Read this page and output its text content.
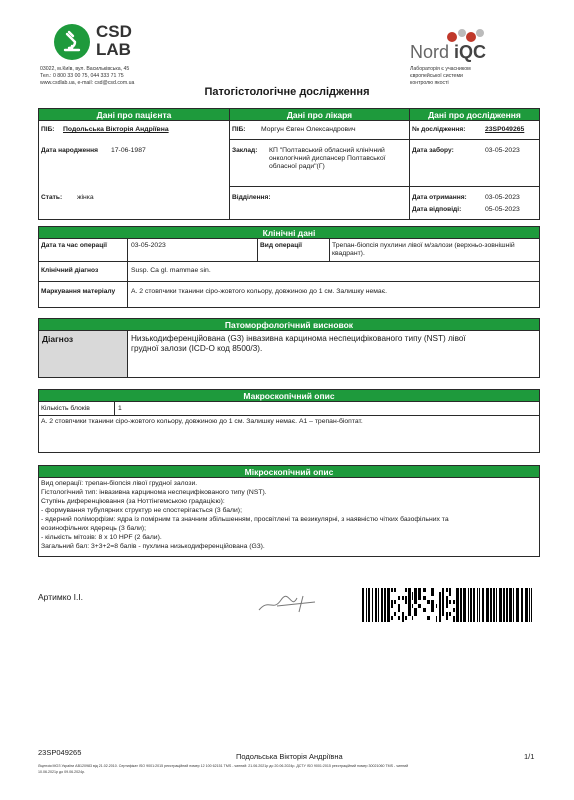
CSD
LAB
03022, м.Київ, вул. Васильківська, 45
Тел.: 0 800 33 00 75, 044 333 71 75
www.csdlab.ua, e-mail: csd@csd.com.ua
Nord iQC
Лабораторія є учасником
європейської системи
контролю якості
Патогістологічне дослідження
Дані про пацієнта	Дані про лікаря	Дані про дослідження
ПІБ: Подольська Вікторія Андріївна
Дата народження 17-06-1987
Стать: жінка
ПІБ: Моргун Євген Олександрович
Заклад: КП "Полтавський обласний клінічний
онкологічний диспансер Полтавської
обласної ради"(Г)
Відділення:
№ дослідження:	23SP049265
Дата забору:	03-05-2023
Дата отримання:	03-05-2023
Дата відповіді:	05-05-2023
Клінічні дані
Дата та час операції	03-05-2023	Вид операції	Трепан-біопсія пухлини лівої м/залози (верхньо-зовнішній
квадрант).
Клінічний діагноз	Susp. Ca gl. mammae sin.
Маркування матеріалу А. 2 стовпчики тканини сіро-жовтого кольору, довжиною до 1 см. Залишку немає.
Патоморфологічний висновок
Діагноз	Низькодиференційована (G3) інвазивна карцинома неспецифікованого типу (NST) лівої
грудної залози (ICD-O код 8500/3).
Макроскопічний опис
Кількість блоків	1
А. 2 стовпчики тканини сіро-жовтого кольору, довжиною до 1 см. Залишку немає. А1 – трепан-біоптат.
Мікроскопічний опис
Вид операції: трепан-біопсія лівої грудної залози.
Гістологічний тип: інвазивна карцинома неспецифікованого типу (NST).
Ступінь диференціювання (за Ноттінгемською градацією):
- формування тубулярних структур не спостерігається (3 бали);
- ядерний поліморфізм: ядра із помірним та значним збільшенням, просвітлені та везикулярні, з наявністю чітких базофільних та
еозинофільних ядерець (3 бали);
- кількість мітозів: 8 х 10 HPF (2 бали).
Загальний бал: 3+3+2=8 балів - пухлина низькодиференційована (G3).
Артимко І.І.
23SP049265	Подольська Вікторія Андріївна	1/1
Ліцензія МОЗ України АВ120983 від 21.02.2010. Сертифікат ISO 9001:2015 реєстраційний номер 12 100 62151 TMS - чинний: 21.06.2021р до 20.06.2024р. ДСТУ ISO 9001:2015 реєстраційний номер 30021060 TMS - чинний
10.06.2021р до 09.06.2024р.
